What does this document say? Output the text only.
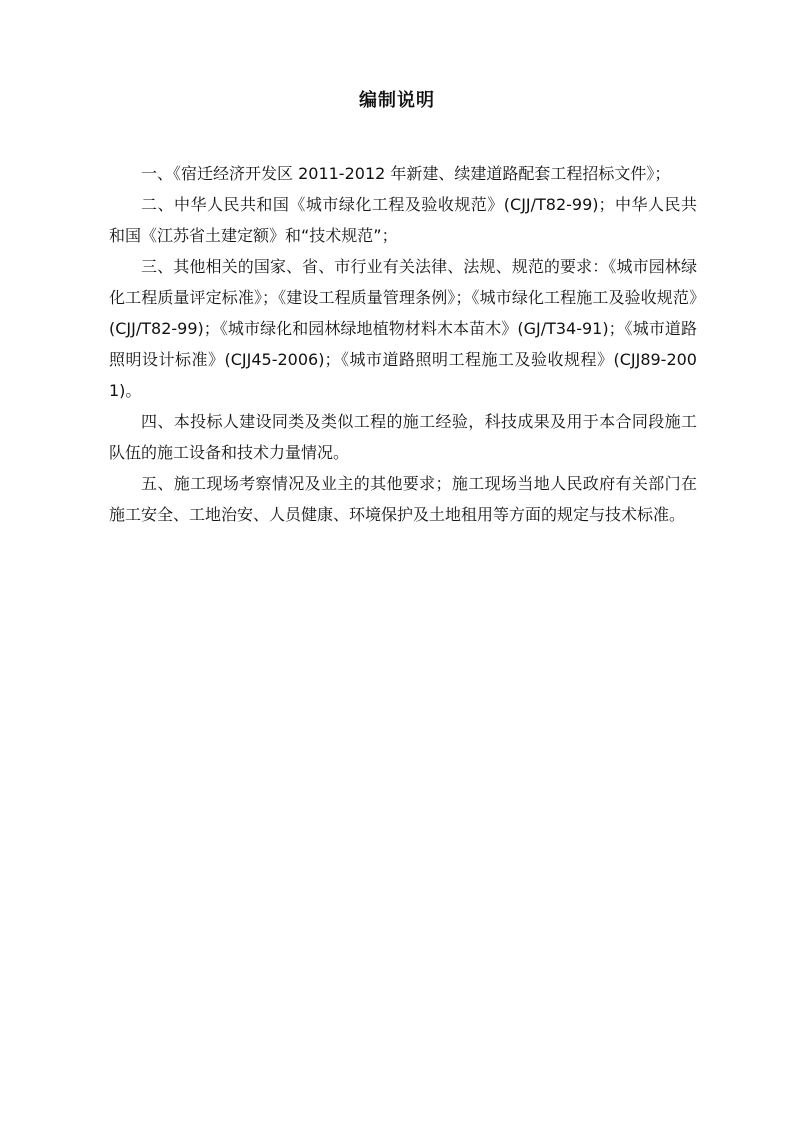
编制说明

一、《宿迁经济开发区 2011-2012 年新建、续建道路配套工程招标文件》；

二、中华人民共和国《城市绿化工程及验收规范》(CJJ/T82-99)；中华人民共和国《江苏省土建定额》和“技术规范”；

三、其他相关的国家、省、市行业有关法律、法规、规范的要求：《城市园林绿化工程质量评定标准》；《建设工程质量管理条例》；《城市绿化工程施工及验收规范》(CJJ/T82-99)；《城市绿化和园林绿地植物材料木本苗木》(GJ/T34-91)；《城市道路照明设计标准》(CJJ45-2006)；《城市道路照明工程施工及验收规程》(CJJ89-2001)。

四、本投标人建设同类及类似工程的施工经验，科技成果及用于本合同段施工队伍的施工设备和技术力量情况。

五、施工现场考察情况及业主的其他要求；施工现场当地人民政府有关部门在施工安全、工地治安、人员健康、环境保护及土地租用等方面的规定与技术标准。
